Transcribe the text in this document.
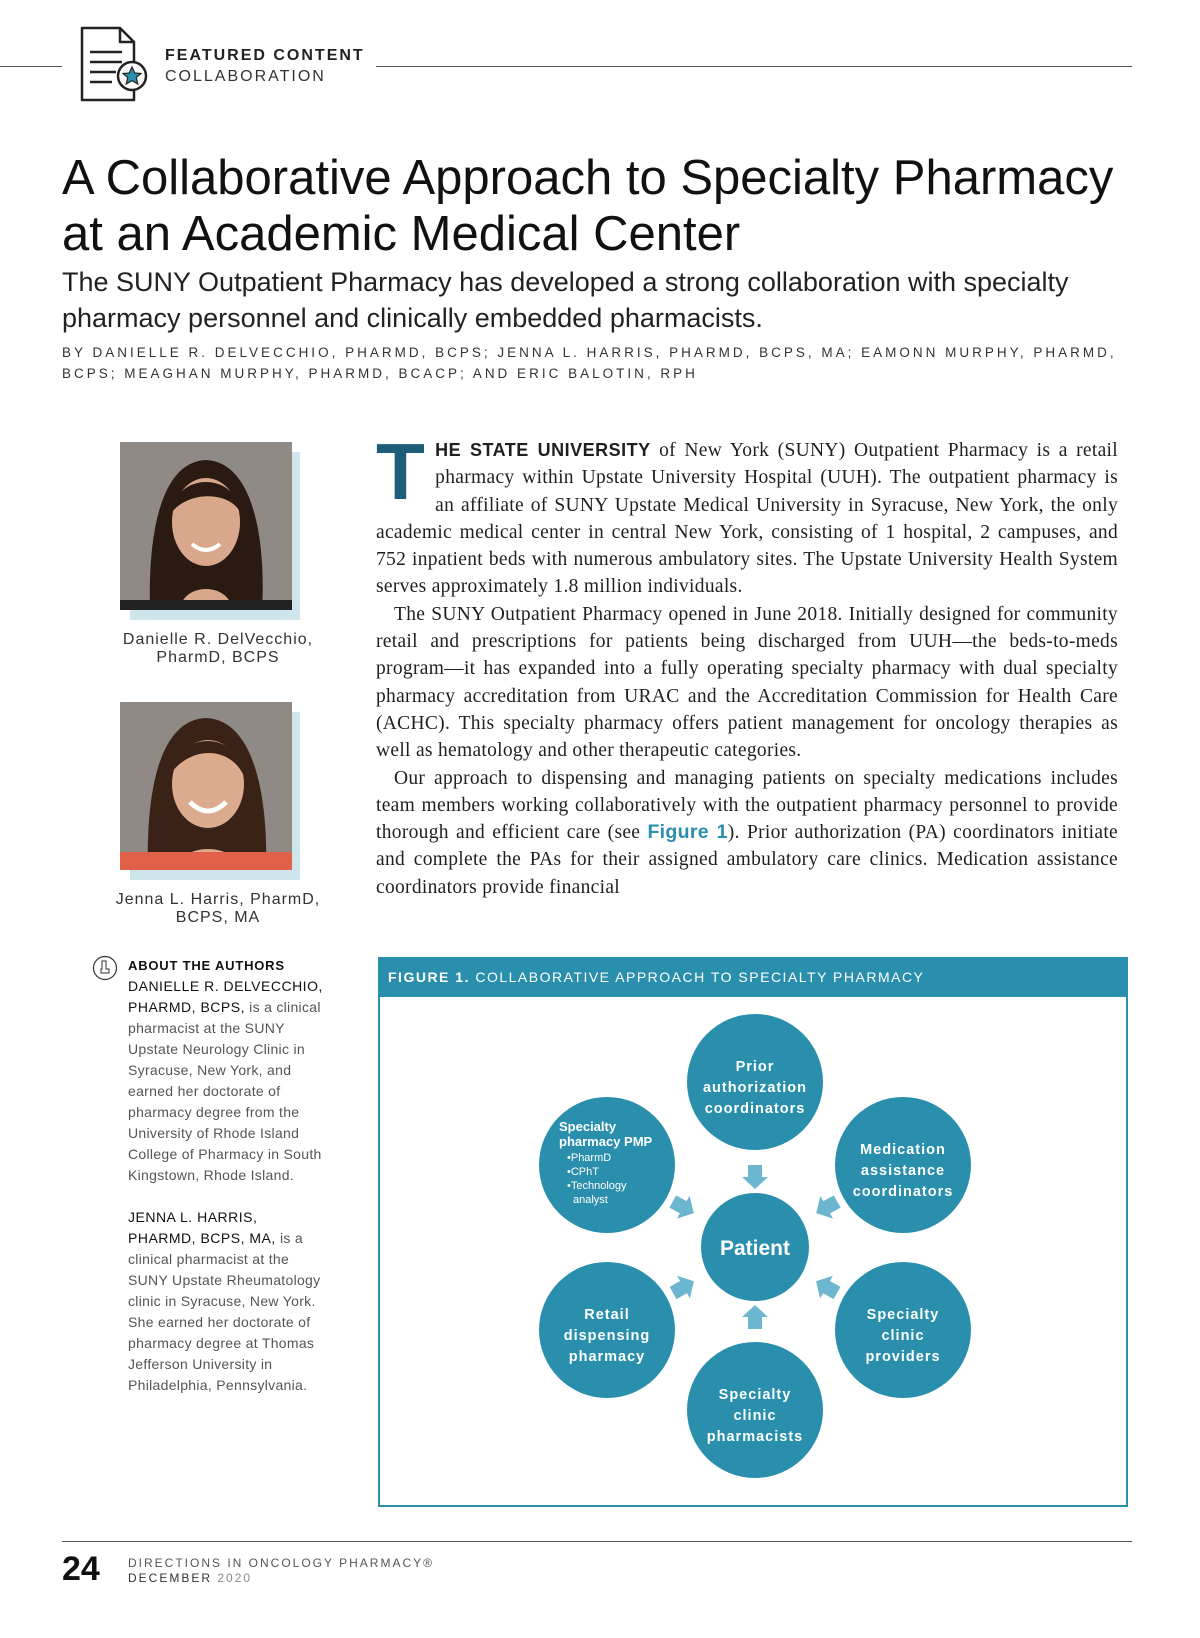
FEATURED CONTENT
COLLABORATION
A Collaborative Approach to Specialty Pharmacy at an Academic Medical Center
The SUNY Outpatient Pharmacy has developed a strong collaboration with specialty pharmacy personnel and clinically embedded pharmacists.
BY DANIELLE R. DELVECCHIO, PHARMD, BCPS; JENNA L. HARRIS, PHARMD, BCPS, MA; EAMONN MURPHY, PHARMD, BCPS; MEAGHAN MURPHY, PHARMD, BCACP; AND ERIC BALOTIN, RPH
Danielle R. DelVecchio, PharmD, BCPS
Jenna L. Harris, PharmD, BCPS, MA
ABOUT THE AUTHORS

DANIELLE R. DELVECCHIO, PHARMD, BCPS, is a clinical pharmacist at the SUNY Upstate Neurology Clinic in Syracuse, New York, and earned her doctorate of pharmacy degree from the University of Rhode Island College of Pharmacy in South Kingstown, Rhode Island.

JENNA L. HARRIS, PHARMD, BCPS, MA, is a clinical pharmacist at the SUNY Upstate Rheumatology clinic in Syracuse, New York. She earned her doctorate of pharmacy degree at Thomas Jefferson University in Philadelphia, Pennsylvania.

THE STATE UNIVERSITY of New York (SUNY) Outpatient Pharmacy is a retail pharmacy within Upstate University Hospital (UUH). The outpatient pharmacy is an affiliate of SUNY Upstate Medical University in Syracuse, New York, the only academic medical center in central New York, consisting of 1 hospital, 2 campuses, and 752 inpatient beds with numerous ambulatory sites. The Upstate University Health System serves approximately 1.8 million individuals.

The SUNY Outpatient Pharmacy opened in June 2018. Initially designed for community retail and prescriptions for patients being discharged from UUH—the beds-to-meds program—it has expanded into a fully operating specialty pharmacy with dual specialty pharmacy accreditation from URAC and the Accreditation Commission for Health Care (ACHC). This specialty pharmacy offers patient management for oncology therapies as well as hematology and other therapeutic categories.

Our approach to dispensing and managing patients on specialty medications includes team members working collaboratively with the outpatient pharmacy personnel to provide thorough and efficient care (see Figure 1). Prior authorization (PA) coordinators initiate and complete the PAs for their assigned ambulatory care clinics. Medication assistance coordinators provide financial

FIGURE 1. COLLABORATIVE APPROACH TO SPECIALTY PHARMACY
Patient
Prior
authorization
coordinators
Medication
assistance
coordinators
Specialty
clinic
providers
Specialty
clinic
pharmacists
Retail
dispensing
pharmacy
Specialty
pharmacy PMP
•PharmD
•CPhT
•Technology
analyst
24 DIRECTIONS IN ONCOLOGY PHARMACY®
DECEMBER 2020
